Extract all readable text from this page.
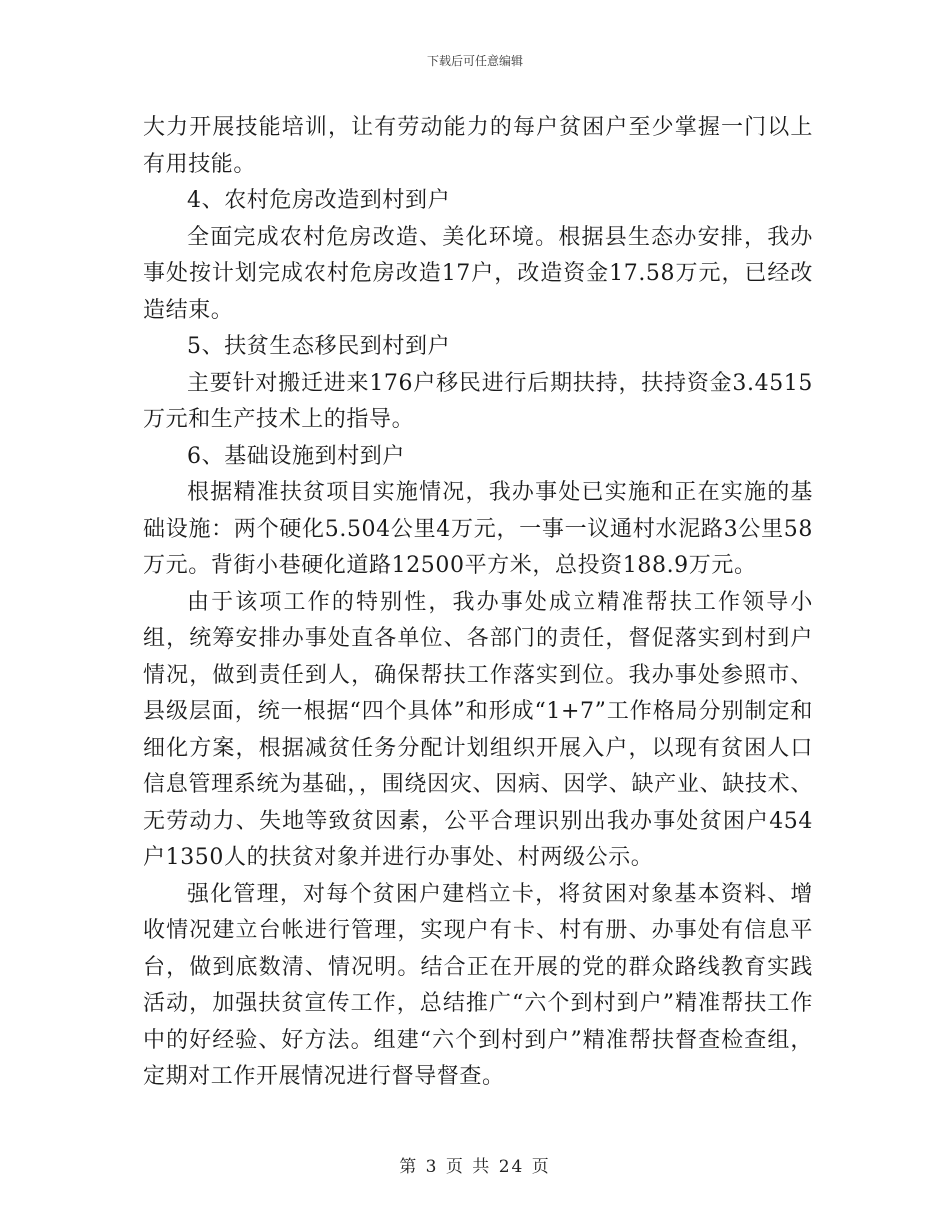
下载后可任意编辑

大力开展技能培训，让有劳动能力的每户贫困户至少掌握一门以上有用技能。

4、农村危房改造到村到户

全面完成农村危房改造、美化环境。根据县生态办安排，我办事处按计划完成农村危房改造17户，改造资金17.58万元，已经改造结束。

5、扶贫生态移民到村到户

主要针对搬迁进来176户移民进行后期扶持，扶持资金3.4515万元和生产技术上的指导。

6、基础设施到村到户

根据精准扶贫项目实施情况，我办事处已实施和正在实施的基础设施：两个硬化5.504公里4万元，一事一议通村水泥路3公里58万元。背街小巷硬化道路12500平方米，总投资188.9万元。

由于该项工作的特别性，我办事处成立精准帮扶工作领导小组，统筹安排办事处直各单位、各部门的责任，督促落实到村到户情况，做到责任到人，确保帮扶工作落实到位。我办事处参照市、县级层面，统一根据“四个具体”和形成“1+7”工作格局分别制定和细化方案，根据减贫任务分配计划组织开展入户，以现有贫困人口信息管理系统为基础，，围绕因灾、因病、因学、缺产业、缺技术、无劳动力、失地等致贫因素，公平合理识别出我办事处贫困户454户1350人的扶贫对象并进行办事处、村两级公示。

强化管理，对每个贫困户建档立卡，将贫困对象基本资料、增收情况建立台帐进行管理，实现户有卡、村有册、办事处有信息平台，做到底数清、情况明。结合正在开展的党的群众路线教育实践活动，加强扶贫宣传工作，总结推广“六个到村到户”精准帮扶工作中的好经验、好方法。组建“六个到村到户”精准帮扶督查检查组，定期对工作开展情况进行督导督查。

第 3 页 共 24 页
